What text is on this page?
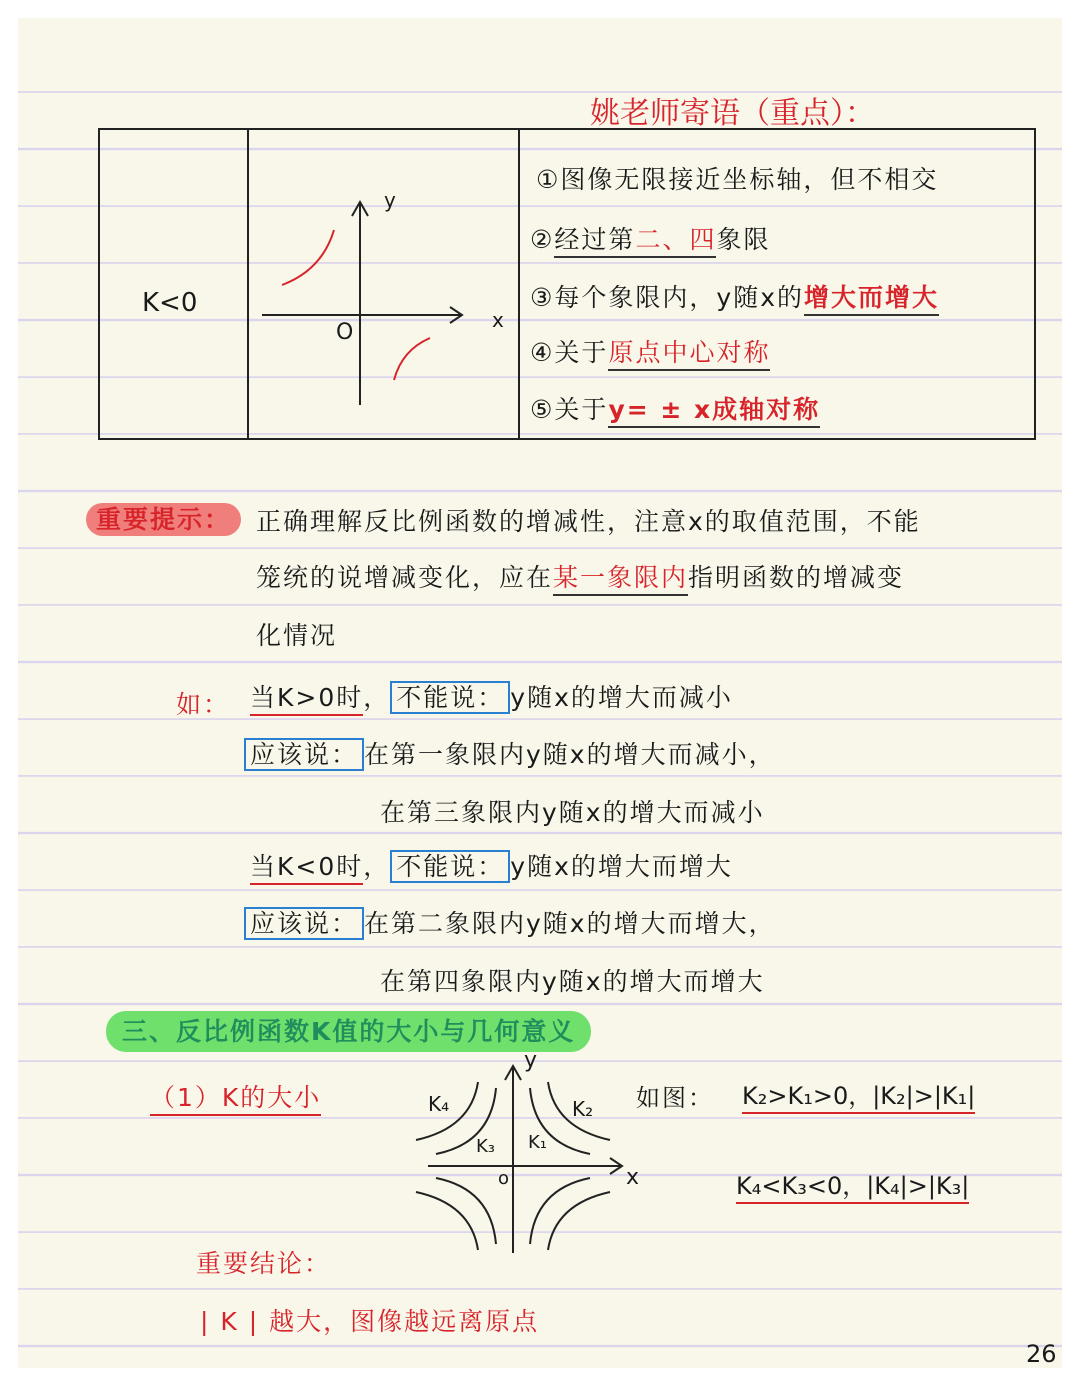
姚老师寄语（重点）：
K<0
y
x
O
①图像无限接近坐标轴，但不相交
②经过第二、四象限
③每个象限内，y随x的增大而增大
④关于原点中心对称
⑤关于y= ± x成轴对称
重要提示： 正确理解反比例函数的增减性，注意x的取值范围，不能
笼统的说增减变化，应在某一象限内指明函数的增减变
化情况
如： 当K>0时， 不能说： y随x的增大而减小
应该说： 在第一象限内y随x的增大而减小，
在第三象限内y随x的增大而减小
当K<0时， 不能说： y随x的增大而增大
应该说： 在第二象限内y随x的增大而增大，
在第四象限内y随x的增大而增大
三、反比例函数K值的大小与几何意义
（1）K的大小
y
x
o
K₄	K₂
K₃ K₁
如图： K₂>K₁>0，|K₂|>|K₁|
K₄<K₃<0，|K₄|>|K₃|
重要结论：
| K | 越大，图像越远离原点
26
